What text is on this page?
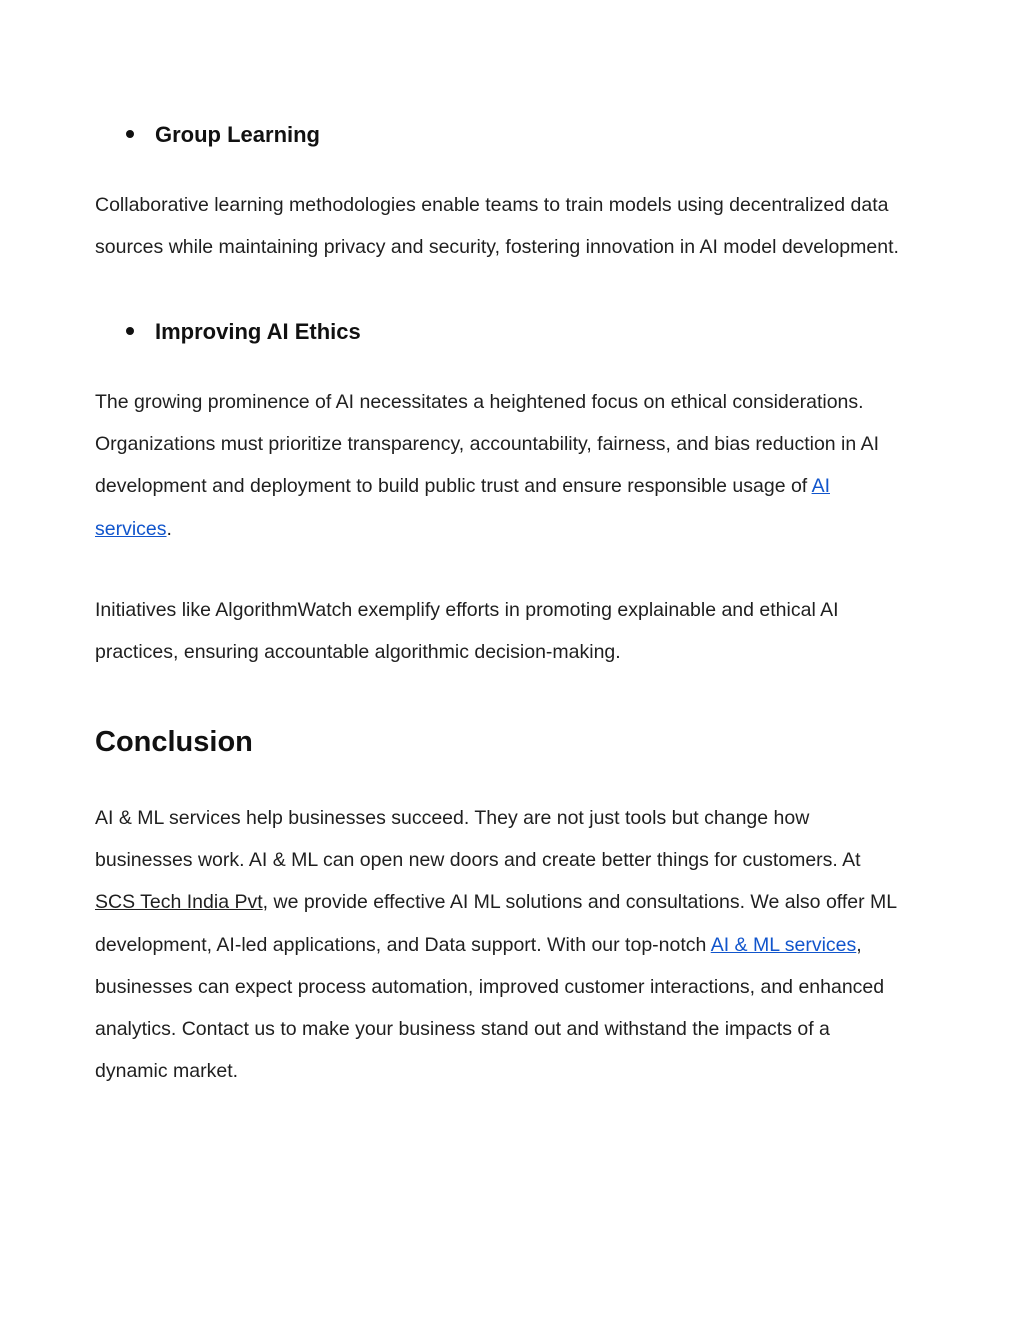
Group Learning

Collaborative learning methodologies enable teams to train models using decentralized data
sources while maintaining privacy and security, fostering innovation in AI model development.

Improving AI Ethics

The growing prominence of AI necessitates a heightened focus on ethical considerations.
Organizations must prioritize transparency, accountability, fairness, and bias reduction in AI
development and deployment to build public trust and ensure responsible usage of AI
services.

Initiatives like AlgorithmWatch exemplify efforts in promoting explainable and ethical AI
practices, ensuring accountable algorithmic decision-making.

Conclusion

AI & ML services help businesses succeed. They are not just tools but change how
businesses work. AI & ML can open new doors and create better things for customers. At
SCS Tech India Pvt, we provide effective AI ML solutions and consultations. We also offer ML
development, AI-led applications, and Data support. With our top-notch AI & ML services,
businesses can expect process automation, improved customer interactions, and enhanced
analytics. Contact us to make your business stand out and withstand the impacts of a
dynamic market.
